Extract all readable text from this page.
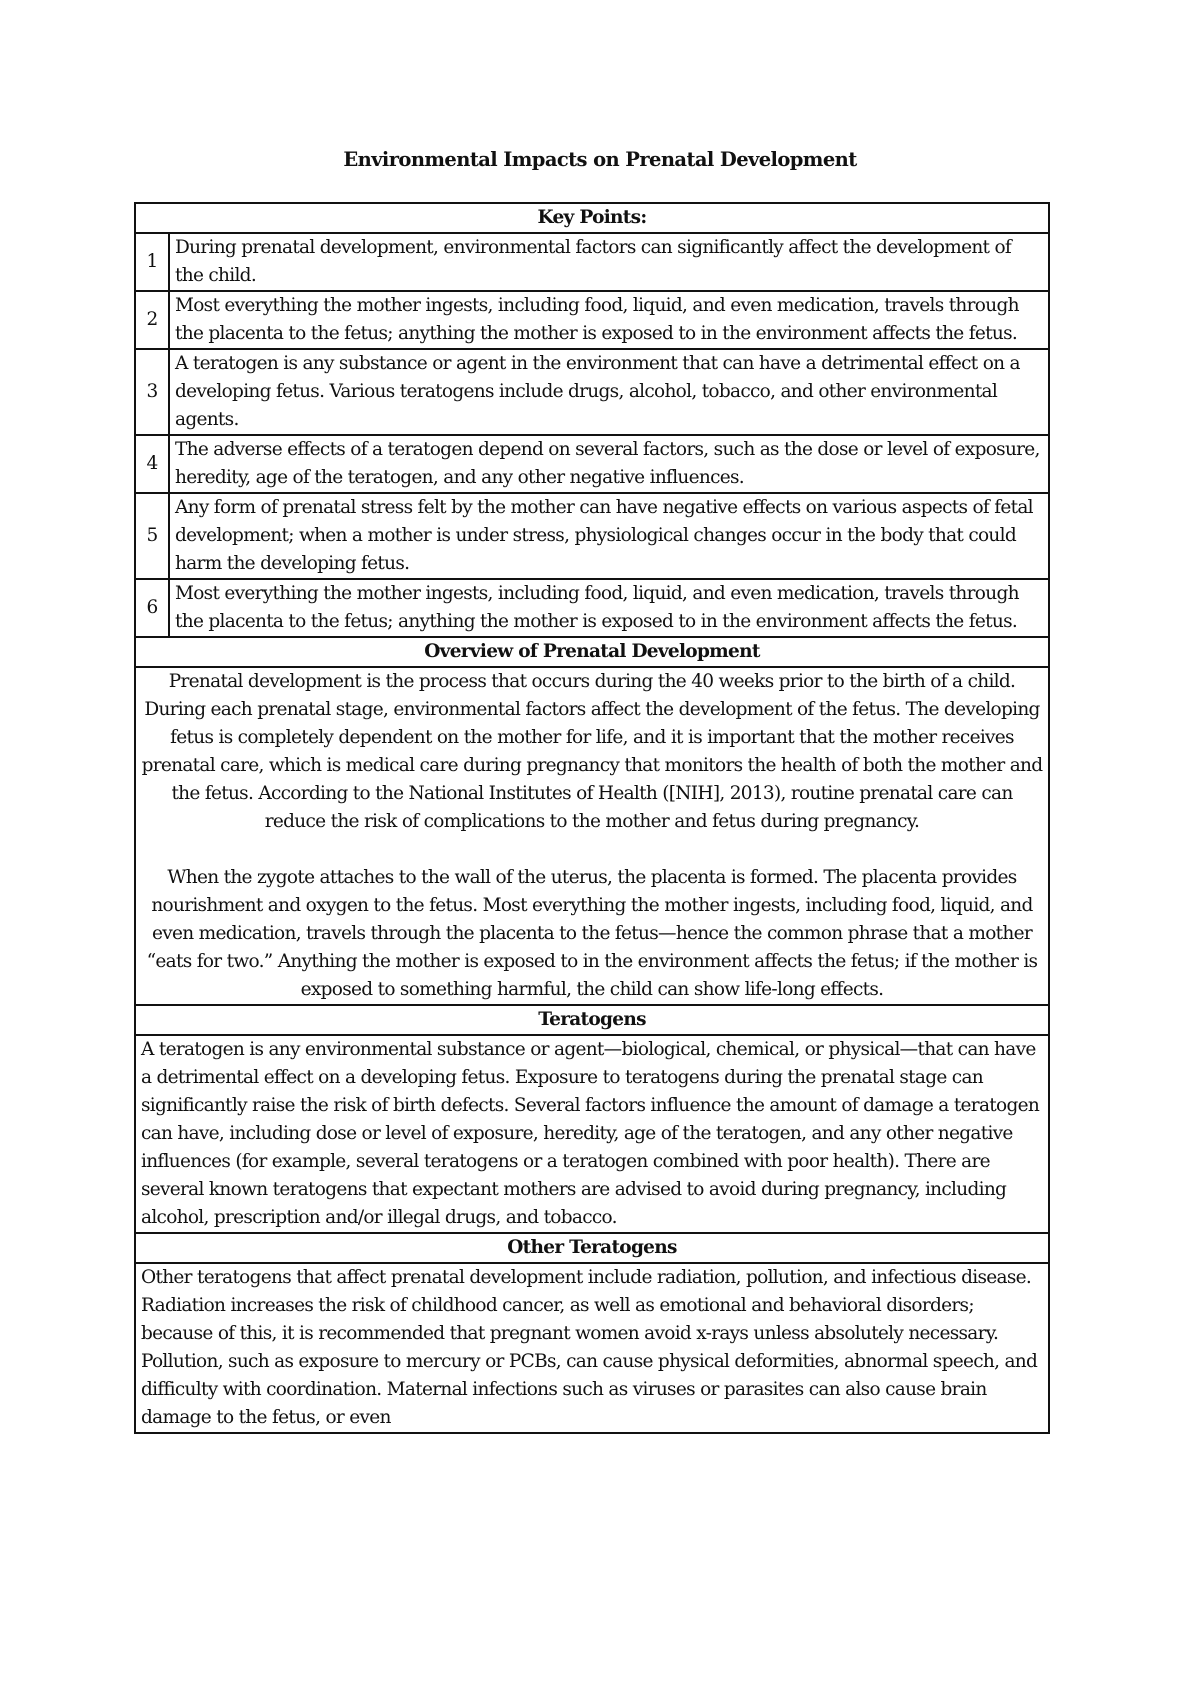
Environmental Impacts on Prenatal Development
Key Points:	
1	During prenatal development, environmental factors can significantly affect the development of the child.
2	Most everything the mother ingests, including food, liquid, and even medication, travels through the placenta to the fetus; anything the mother is exposed to in the environment affects the fetus.
3	A teratogen is any substance or agent in the environment that can have a detrimental effect on a developing fetus. Various teratogens include drugs, alcohol, tobacco, and other environmental agents.
4	The adverse effects of a teratogen depend on several factors, such as the dose or level of exposure, heredity, age of the teratogen, and any other negative influences.
5	Any form of prenatal stress felt by the mother can have negative effects on various aspects of fetal development; when a mother is under stress, physiological changes occur in the body that could harm the developing fetus.
6	Most everything the mother ingests, including food, liquid, and even medication, travels through the placenta to the fetus; anything the mother is exposed to in the environment affects the fetus.
Overview of Prenatal Development	

Prenatal development is the process that occurs during the 40 weeks prior to the birth of a child. During each prenatal stage, environmental factors affect the development of the fetus. The developing fetus is completely dependent on the mother for life, and it is important that the mother receives prenatal care, which is medical care during pregnancy that monitors the health of both the mother and the fetus. According to the National Institutes of Health ([NIH], 2013), routine prenatal care can reduce the risk of complications to the mother and fetus during pregnancy.
When the zygote attaches to the wall of the uterus, the placenta is formed. The placenta provides nourishment and oxygen to the fetus. Most everything the mother ingests, including food, liquid, and even medication, travels through the placenta to the fetus—hence the common phrase that a mother “eats for two.” Anything the mother is exposed to in the environment affects the fetus; if the mother is exposed to something harmful, the child can show life-long effects.	

Teratogens	
A teratogen is any environmental substance or agent—biological, chemical, or physical—that can have a detrimental effect on a developing fetus. Exposure to teratogens during the prenatal stage can significantly raise the risk of birth defects. Several factors influence the amount of damage a teratogen can have, including dose or level of exposure, heredity, age of the teratogen, and any other negative influences (for example, several teratogens or a teratogen combined with poor health). There are several known teratogens that expectant mothers are advised to avoid during pregnancy, including alcohol, prescription and/or illegal drugs, and tobacco.	
Other Teratogens	
Other teratogens that affect prenatal development include radiation, pollution, and infectious disease. Radiation increases the risk of childhood cancer, as well as emotional and behavioral disorders; because of this, it is recommended that pregnant women avoid x-rays unless absolutely necessary. Pollution, such as exposure to mercury or PCBs, can cause physical deformities, abnormal speech, and difficulty with coordination. Maternal infections such as viruses or parasites can also cause brain damage to the fetus, or even	
